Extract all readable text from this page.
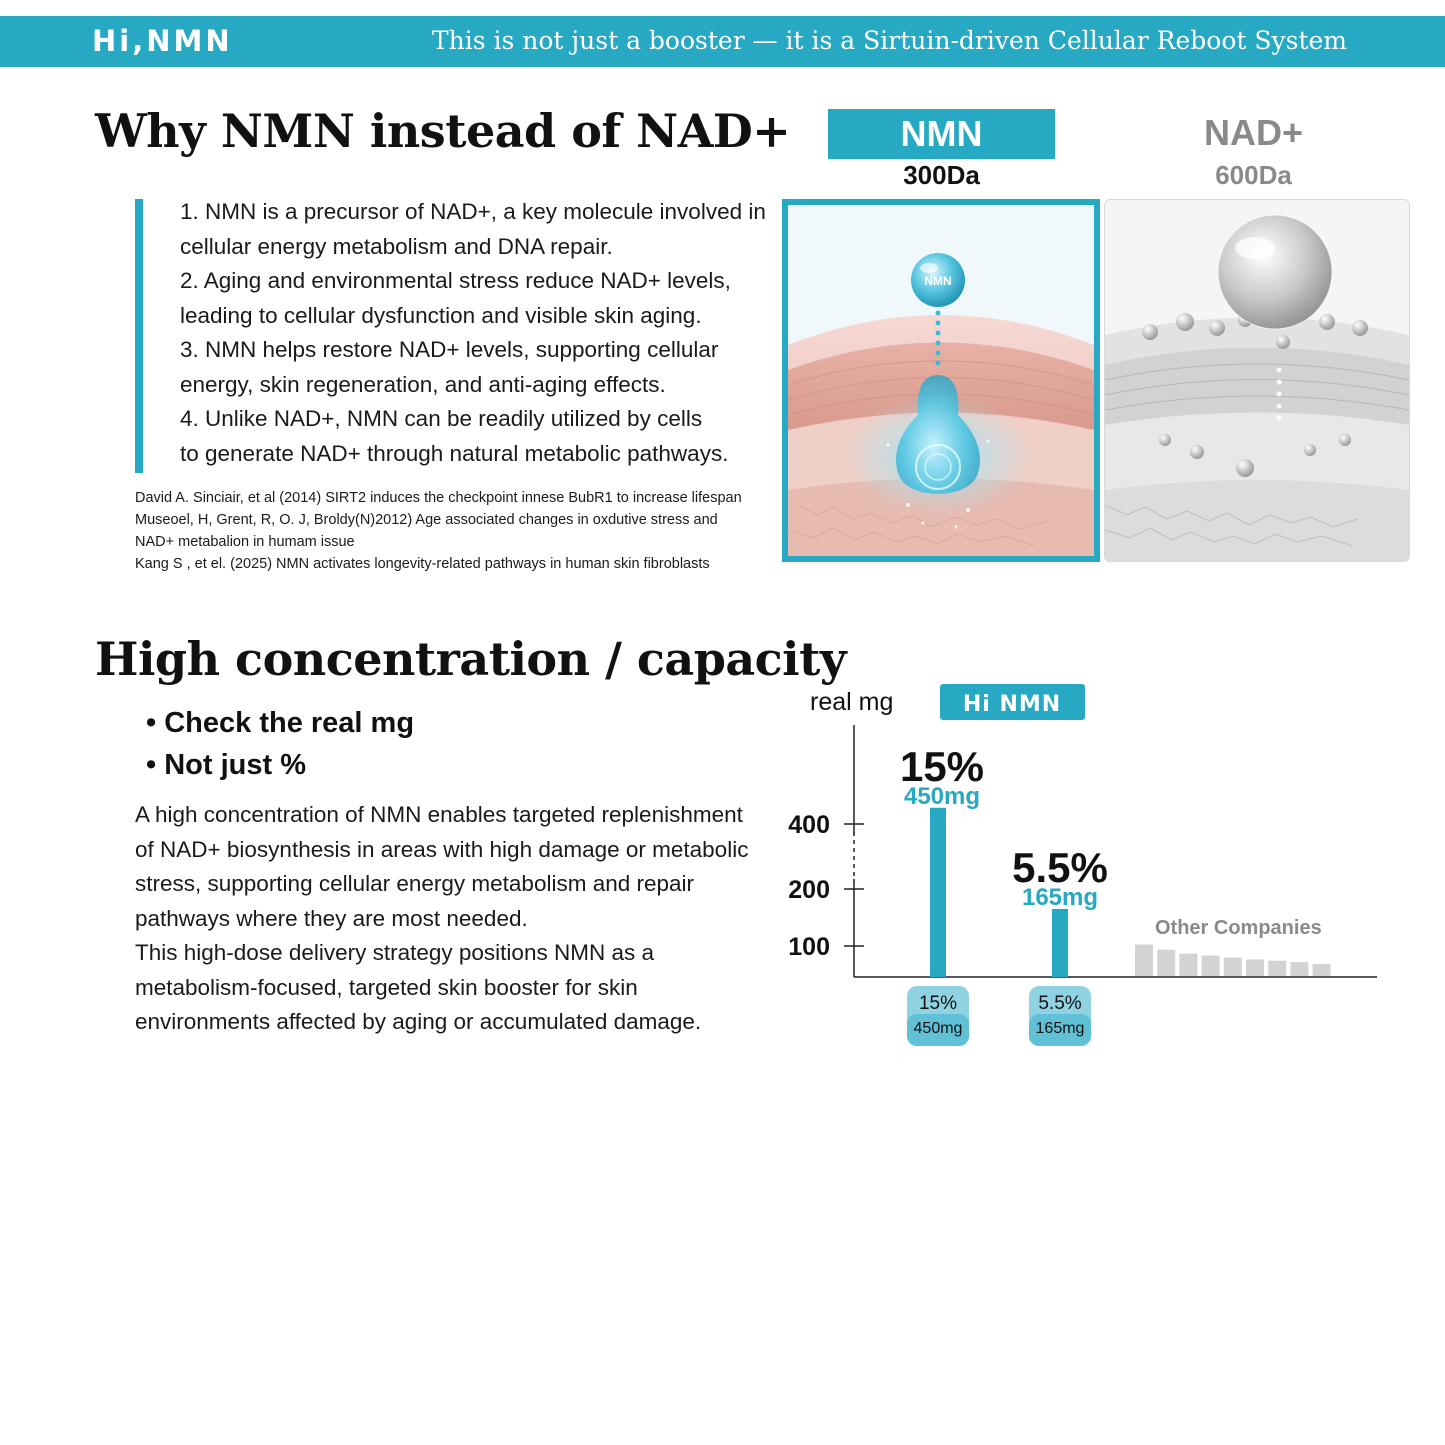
Hi,NMN	This is not just a booster — it is a Sirtuin-driven Cellular Reboot System
Why NMN instead of NAD+
1. NMN is a precursor of NAD+, a key molecule involved in
cellular energy metabolism and DNA repair.
2. Aging and environmental stress reduce NAD+ levels,
leading to cellular dysfunction and visible skin aging.
3. NMN helps restore NAD+ levels, supporting cellular
energy, skin regeneration, and anti-aging effects.
4. Unlike NAD+, NMN can be readily utilized by cells
to generate NAD+ through natural metabolic pathways.
David A. Sinciair, et al (2014) SIRT2 induces the checkpoint innese BubR1 to increase lifespan
Museoel, H, Grent, R, O. J, Broldy(N)2012) Age associated changes in oxdutive stress and
NAD+ metabalion in humam issue
Kang S , et el. (2025) NMN activates longevity-related pathways in human skin fibroblasts
NMN
300Da
NAD+
600Da
NMN
High concentration / capacity
• Check the real mg
• Not just %
A high concentration of NMN enables targeted replenishment
of NAD+ biosynthesis in areas with high damage or metabolic
stress, supporting cellular energy metabolism and repair
pathways where they are most needed.
This high-dose delivery strategy positions NMN as a
metabolism-focused, targeted skin booster for skin
environments affected by aging or accumulated damage.
real mg	Hi NMN
100
200
400
15%
450mg
15%
450mg
5.5%
165mg
5.5%
165mg
Other Companies
